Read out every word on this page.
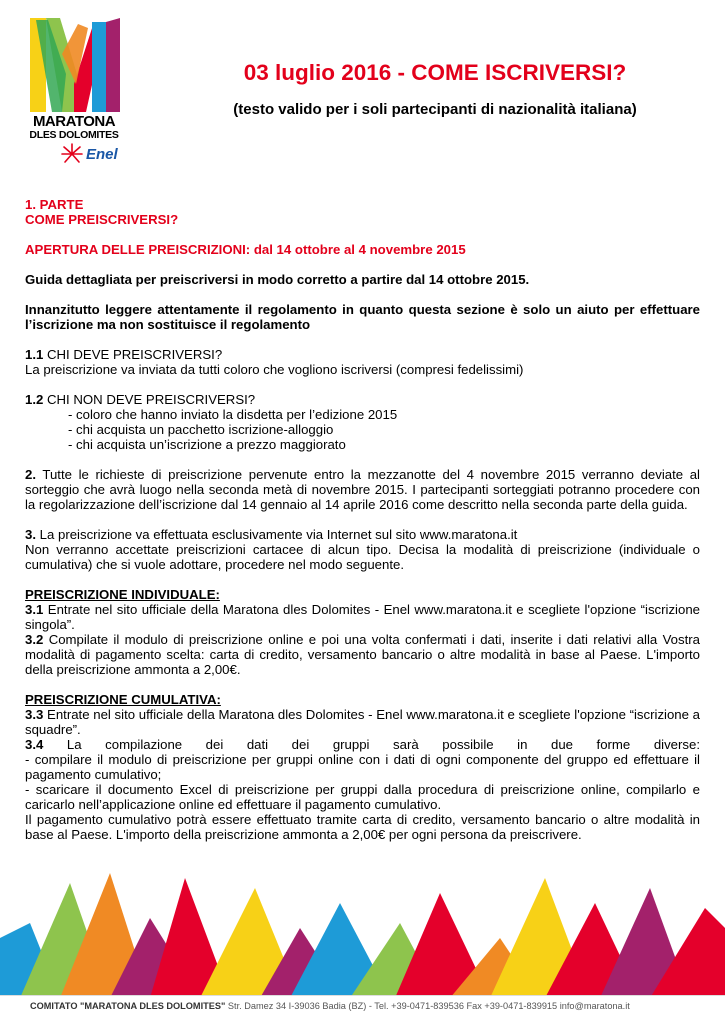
MARATONA
DLES DOLOMITES
Enel
03 luglio 2016 - COME ISCRIVERSI?

(testo valido per i soli partecipanti di nazionalità italiana)

1. PARTE

COME PREISCRIVERSI?

APERTURA DELLE PREISCRIZIONI: dal 14 ottobre al 4 novembre 2015

Guida dettagliata per preiscriversi in modo corretto a partire dal 14 ottobre 2015.

Innanzitutto leggere attentamente il regolamento in quanto questa sezione è solo un aiuto per effettuare l’iscrizione ma non sostituisce il regolamento

1.1 CHI DEVE PREISCRIVERSI?

La preiscrizione va inviata da tutti coloro che vogliono iscriversi (compresi fedelissimi)

1.2 CHI NON DEVE PREISCRIVERSI?

- coloro che hanno inviato la disdetta per l’edizione 2015

- chi acquista un pacchetto iscrizione-alloggio

- chi acquista un’iscrizione a prezzo maggiorato

2. Tutte le richieste di preiscrizione pervenute entro la mezzanotte del 4 novembre 2015 verranno deviate al sorteggio che avrà luogo nella seconda metà di novembre 2015. I partecipanti sorteggiati potranno procedere con la regolarizzazione dell’iscrizione dal 14 gennaio al 14 aprile 2016 come descritto nella seconda parte della guida.

3. La preiscrizione va effettuata esclusivamente via Internet sul sito www.maratona.it

Non verranno accettate preiscrizioni cartacee di alcun tipo. Decisa la modalità di preiscrizione (individuale o cumulativa) che si vuole adottare, procedere nel modo seguente.

PREISCRIZIONE INDIVIDUALE:

3.1 Entrate nel sito ufficiale della Maratona dles Dolomites - Enel www.maratona.it e scegliete l'opzione “iscrizione singola”.

3.2 Compilate il modulo di preiscrizione online e poi una volta confermati i dati, inserite i dati relativi alla Vostra modalità di pagamento scelta: carta di credito, versamento bancario o altre modalità in base al Paese. L'importo della preiscrizione ammonta a 2,00€.

PREISCRIZIONE CUMULATIVA:

3.3 Entrate nel sito ufficiale della Maratona dles Dolomites - Enel www.maratona.it e scegliete l'opzione “iscrizione a squadre”.

3.4 La compilazione dei dati dei gruppi sarà possibile in due forme diverse:

- compilare il modulo di preiscrizione per gruppi online con i dati di ogni componente del gruppo ed effettuare il pagamento cumulativo;

- scaricare il documento Excel di preiscrizione per gruppi dalla procedura di preiscrizione online, compilarlo e caricarlo nell’applicazione online ed effettuare il pagamento cumulativo.

Il pagamento cumulativo potrà essere effettuato tramite carta di credito, versamento bancario o altre modalità in base al Paese. L'importo della preiscrizione ammonta a 2,00€ per ogni persona da preiscrivere.

COMITATO "MARATONA DLES DOLOMITES" Str. Damez 34 I-39036 Badia (BZ) - Tel. +39-0471-839536 Fax +39-0471-839915 info@maratona.it
